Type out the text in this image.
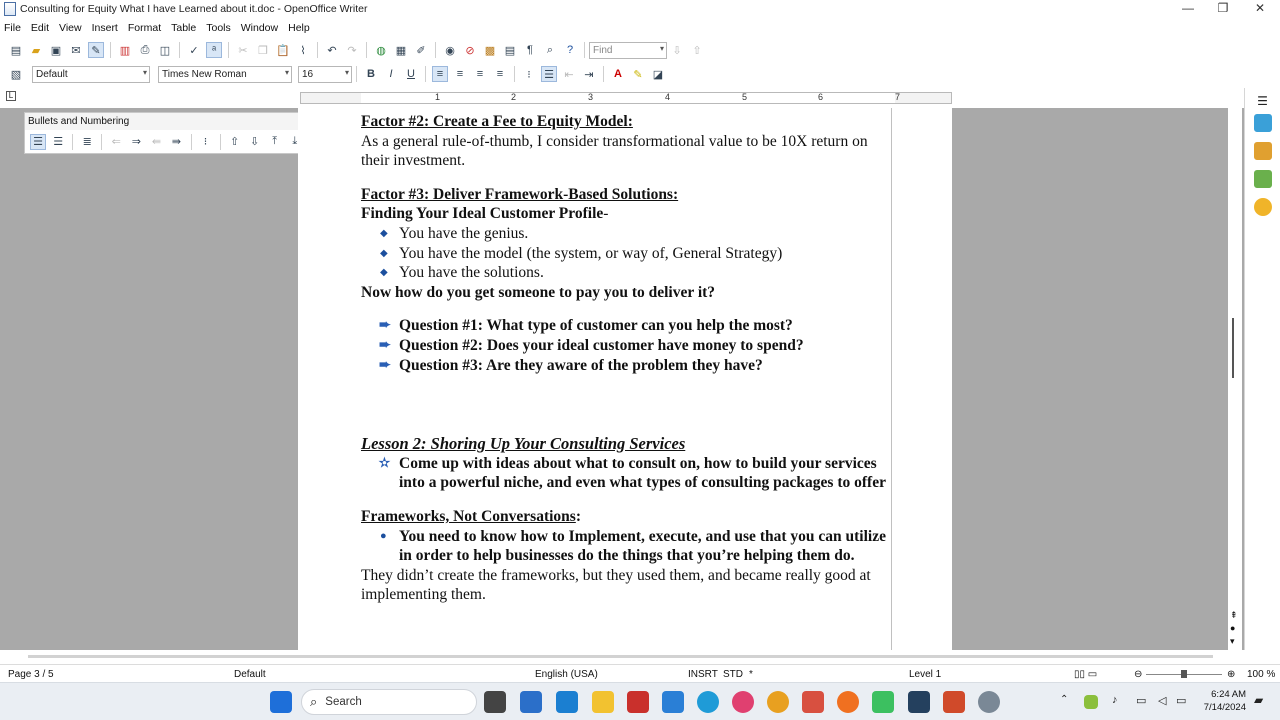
Consulting for Equity What I have Learned about it.doc - OpenOffice Writer	—	❐	✕
File Edit View Insert Format Table Tools Window Help
▤ ▰ ▣ ✉ ✎	▥ ⎙ ◫	✓	ᵃ	✂ ❐ 📋 ⌇	↶ ↷	◍ ▦ ✐	◉ ⊘ ▩ ▤	¶	⌕	?	Find	▾ ⇩ ⇧
▧ Default	▾ Times New Roman	▾ 16	▾	B	I	U	≡	≡	≡	≡	⁝	☰ ⇤ ⇥	A	✎ ◪
L	1	2	3	4	5	6	7
Bullets and Numbering
☰ ☰	≣	⇐ ⇒ ⇚ ⇛	⁝	⇧ ⇩	⤒	⤓

Factor #2: Create a Fee to Equity Model:

As a general rule-of-thumb, I consider transformational value to be 10X return on their investment.

Factor #3: Deliver Framework-Based Solutions:

Finding Your Ideal Customer Profile-

◆ You have the genius.
◆ You have the model (the system, or way of, General Strategy)
◆ You have the solutions.

Now how do you get someone to pay you to deliver it?

➨ Question #1: What type of customer can you help the most?
➨ Question #2: Does your ideal customer have money to spend?
➨ Question #3: Are they aware of the problem they have?

Lesson 2: Shoring Up Your Consulting Services

✫ Come up with ideas about what to consult on, how to build your services into a powerful niche, and even what types of consulting packages to offer

Frameworks, Not Conversations:

● You need to know how to Implement, execute, and use that you can utilize in order to help businesses do the things that you’re helping them do.

They didn’t create the frameworks, but they used them, and became really good at implementing them.

⇞
●
▾
☰
Page 3 / 5	Default	English (USA)	INSRT STD *	Level 1	▯▯ ▭	⊖	⊕ 100 %
⌕ Search	⌃	♪ ▭ ◁ ▭
6:24 AM
7/14/2024
▰
